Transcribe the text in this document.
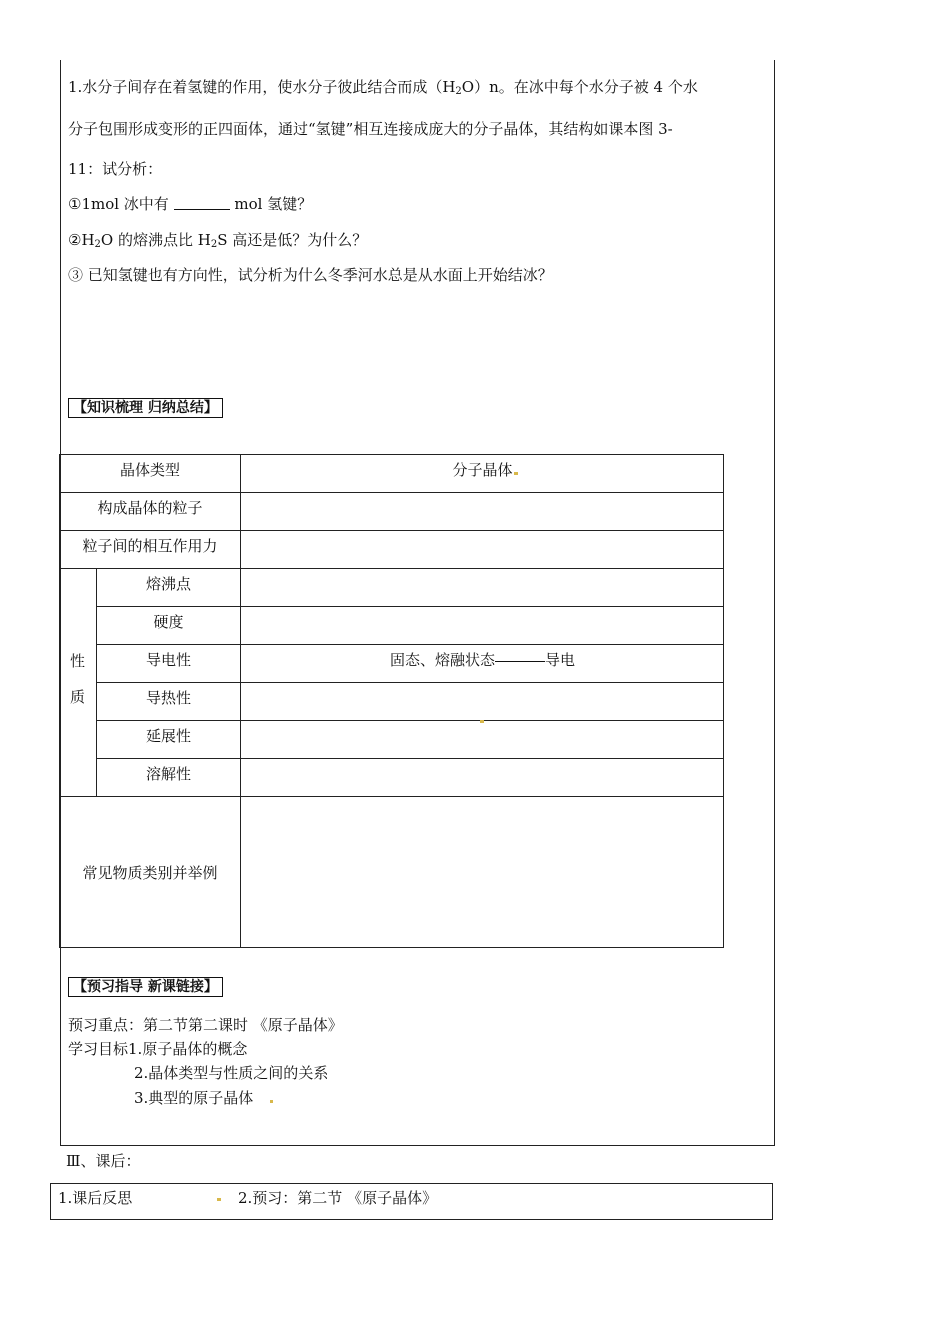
1.水分子间存在着氢键的作用，使水分子彼此结合而成$(H_2O)n$。在冰中每个水分子被 4 个水
分子包围形成变形的正四面体，通过“氢键”相互连接成庞大的分子晶体，其结构如课本图 3-
11：试分析：
①1mol 冰中有	mol 氢键？
$②H_2O$ 的熔沸点比 $H_2S$ 高还是低？为什么？
③ 已知氢键也有方向性，试分析为什么冬季河水总是从水面上开始结冰？
【知识梳理 归纳总结】
晶体类型	分子晶体
构成晶体的粒子
粒子间的相互作用力
性
质
熔沸点
硬度
导电性	固态、熔融状态	导电
导热性
延展性
溶解性
常见物质类别并举例
【预习指导 新课链接】
预习重点：第二节第二课时 《原子晶体》
学习目标1.原子晶体的概念
2.晶体类型与性质之间的关系
3.典型的原子晶体
Ⅲ、课后：
1.课后反思	2.预习：第二节 《原子晶体》
